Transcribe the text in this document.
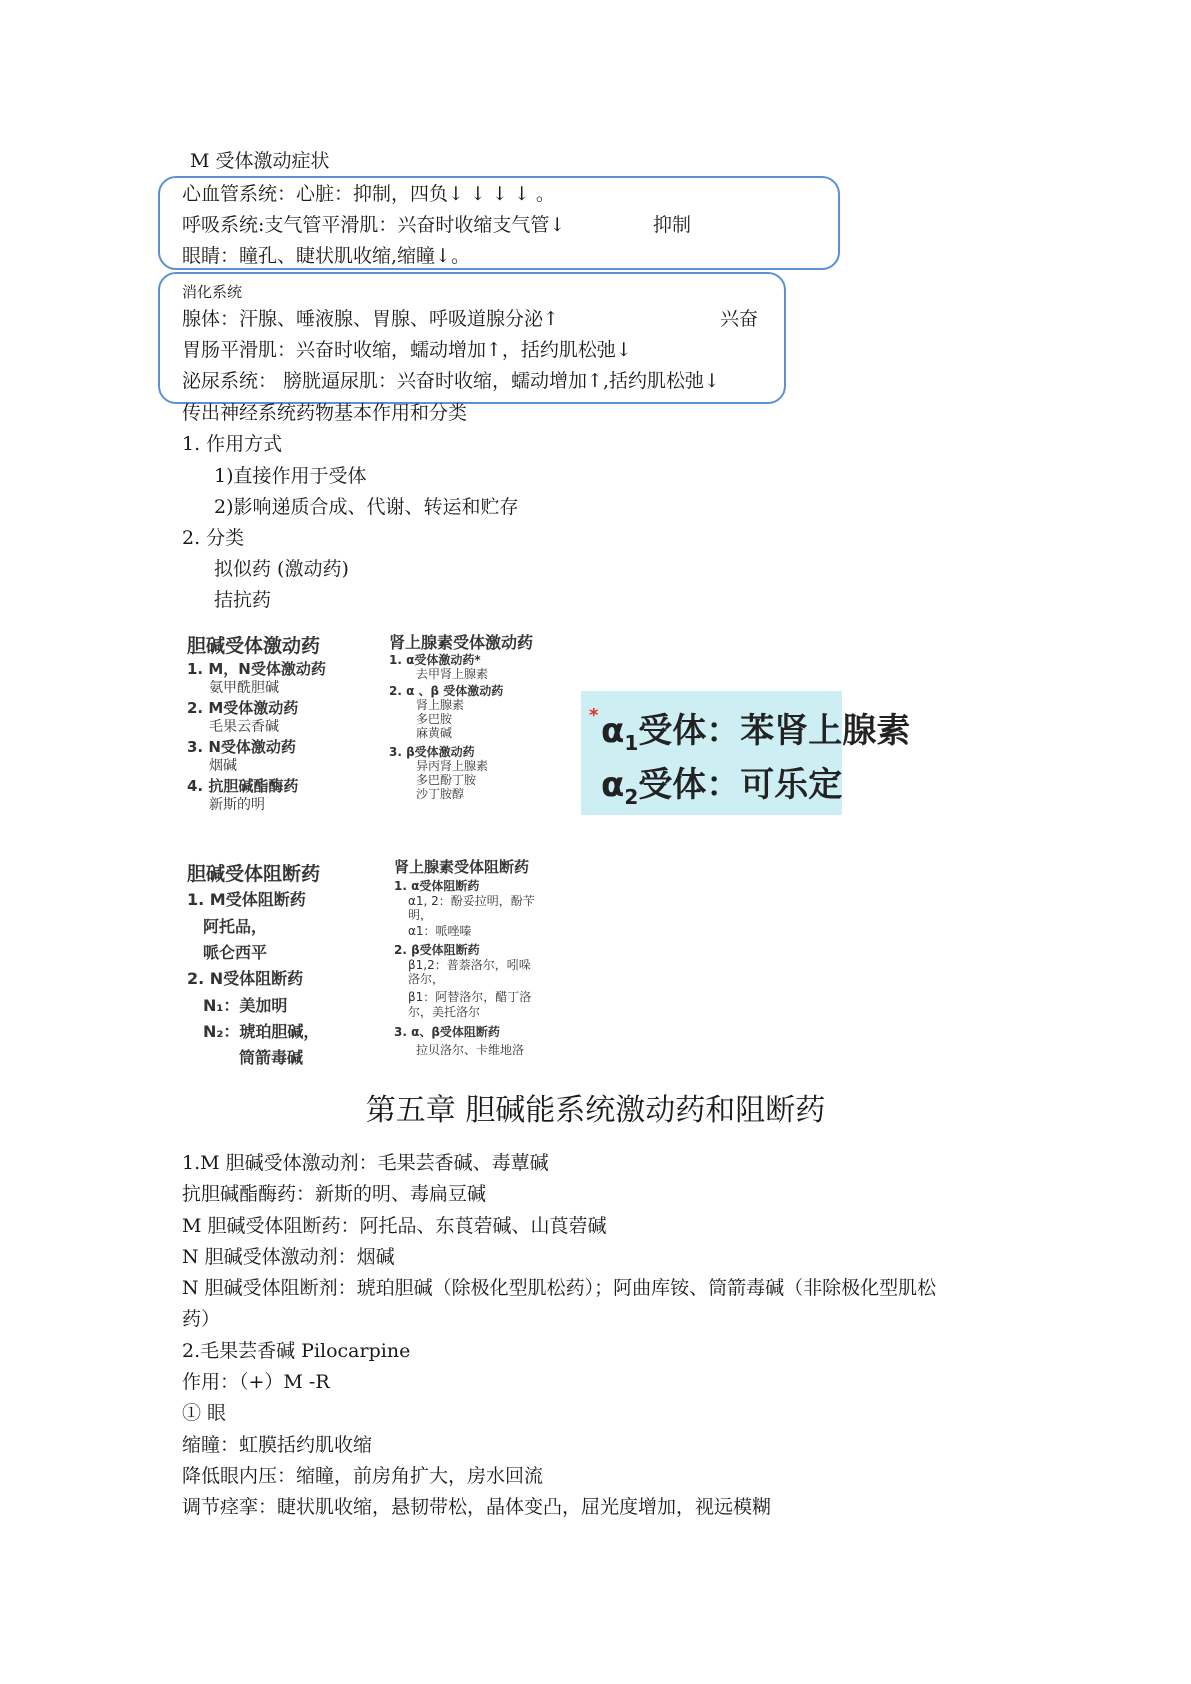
M 受体激动症状
心血管系统：心脏：抑制，四负↓ ↓ ↓ ↓ 。
呼吸系统:支气管平滑肌：兴奋时收缩支气管↓	抑制
眼睛：瞳孔、睫状肌收缩,缩瞳↓。
消化系统
腺体：汗腺、唾液腺、胃腺、呼吸道腺分泌↑	兴奋
胃肠平滑肌：兴奋时收缩，蠕动增加↑，括约肌松弛↓
泌尿系统： 膀胱逼尿肌：兴奋时收缩，蠕动增加↑,括约肌松弛↓
传出神经系统药物基本作用和分类
1. 作用方式
1)直接作用于受体
2)影响递质合成、代谢、转运和贮存
2. 分类
拟似药 (激动药)
拮抗药
胆碱受体激动药
1. M，N受体激动药
氨甲酰胆碱
2. M受体激动药
毛果云香碱
3. N受体激动药
烟碱
4. 抗胆碱酯酶药
新斯的明
肾上腺素受体激动药
1. α受体激动药*
去甲肾上腺素
2. α 、β 受体激动药
肾上腺素
多巴胺
麻黄碱
3. β受体激动药
异丙肾上腺素
多巴酚丁胺
沙丁胺醇
* $\alpha_1$受体：苯肾上腺素
$\alpha_2$受体：可乐定
胆碱受体阻断药
1. M受体阻断药
阿托品，
哌仑西平
2. N受体阻断药
N₁：美加明
N₂：琥珀胆碱，
筒箭毒碱
肾上腺素受体阻断药
1. α受体阻断药
α1, 2：酚妥拉明，酚苄
明，
α1：哌唑嗪
2. β受体阻断药
β1,2：普萘洛尔，吲哚
洛尔，
β1：阿替洛尔，醋丁洛
尔，美托洛尔
3. α、β受体阻断药
拉贝洛尔、卡维地洛
第五章 胆碱能系统激动药和阻断药
1.M 胆碱受体激动剂：毛果芸香碱、毒蕈碱
抗胆碱酯酶药：新斯的明、毒扁豆碱
M 胆碱受体阻断药：阿托品、东莨菪碱、山莨菪碱
N 胆碱受体激动剂：烟碱
N 胆碱受体阻断剂：琥珀胆碱（除极化型肌松药）；阿曲库铵、筒箭毒碱（非除极化型肌松
药）
2.毛果芸香碱 Pilocarpine
作用：（+）M -R
① 眼
缩瞳：虹膜括约肌收缩
降低眼内压：缩瞳，前房角扩大，房水回流
调节痉挛：睫状肌收缩，悬韧带松，晶体变凸，屈光度增加，视远模糊
